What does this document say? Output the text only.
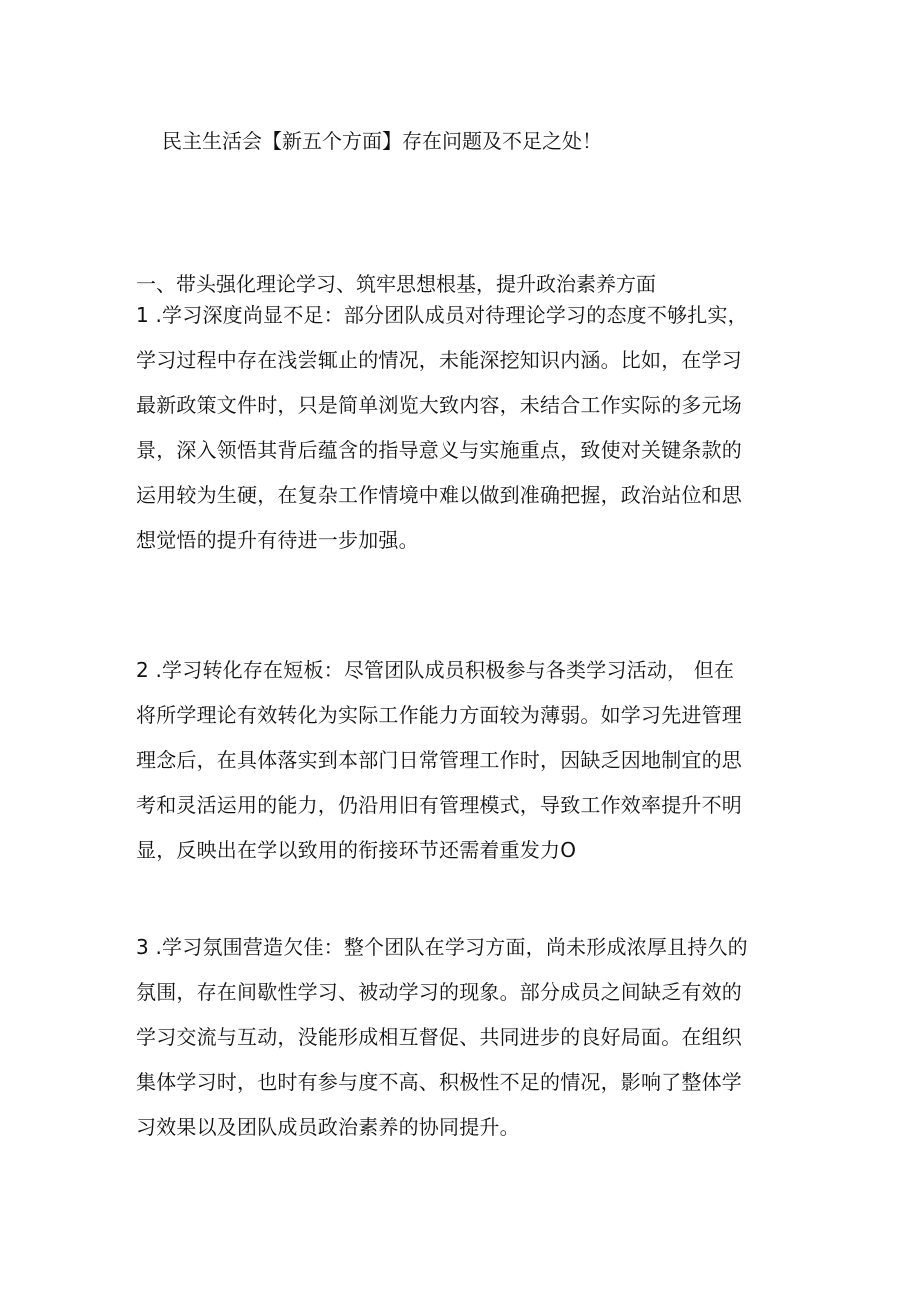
民主生活会【新五个方面】存在问题及不足之处！
一、带头强化理论学习、筑牢思想根基，提升政治素养方面

1 .学习深度尚显不足：部分团队成员对待理论学习的态度不够扎实，
学习过程中存在浅尝辄止的情况，未能深挖知识内涵。比如，在学习
最新政策文件时，只是简单浏览大致内容，未结合工作实际的多元场
景，深入领悟其背后蕴含的指导意义与实施重点，致使对关键条款的
运用较为生硬，在复杂工作情境中难以做到准确把握，政治站位和思
想觉悟的提升有待进一步加强。

2 .学习转化存在短板：尽管团队成员积极参与各类学习活动， 但在
将所学理论有效转化为实际工作能力方面较为薄弱。如学习先进管理
理念后，在具体落实到本部门日常管理工作时，因缺乏因地制宜的思
考和灵活运用的能力，仍沿用旧有管理模式，导致工作效率提升不明
显，反映出在学以致用的衔接环节还需着重发力O

3 .学习氛围营造欠佳：整个团队在学习方面，尚未形成浓厚且持久的
氛围，存在间歇性学习、被动学习的现象。部分成员之间缺乏有效的
学习交流与互动，没能形成相互督促、共同进步的良好局面。在组织
集体学习时，也时有参与度不高、积极性不足的情况，影响了整体学
习效果以及团队成员政治素养的协同提升。
